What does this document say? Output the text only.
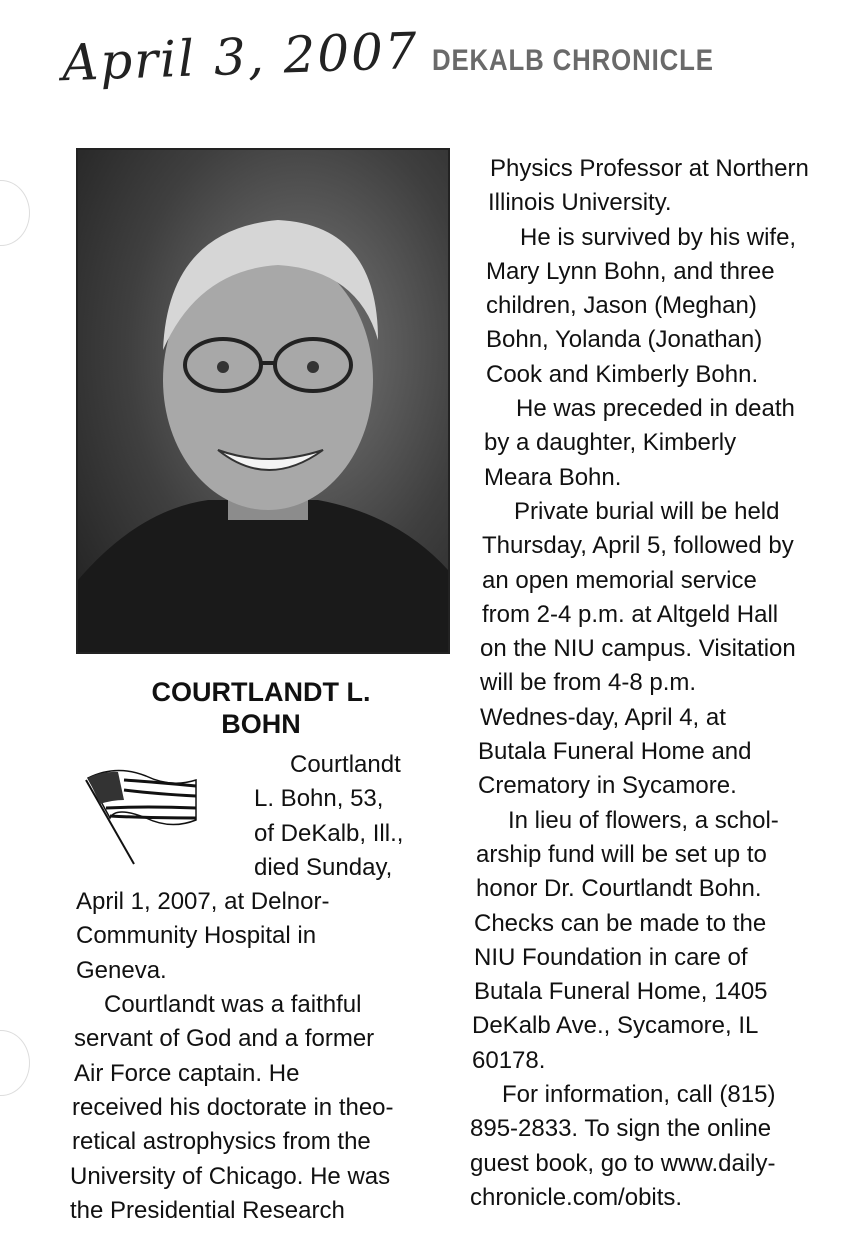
April 3, 2007 DEKALB CHRONICLE
COURTLANDT L.
BOHN
Courtlandt
L. Bohn, 53,
of DeKalb, Ill.,
died Sunday,
April 1, 2007, at Delnor-
Community Hospital in
Geneva.
Courtlandt was a faithful
servant of God and a former
Air Force captain. He
received his doctorate in theo-
retical astrophysics from the
University of Chicago. He was
the Presidential Research
Physics Professor at Northern
Illinois University.
He is survived by his wife,
Mary Lynn Bohn, and three
children, Jason (Meghan)
Bohn, Yolanda (Jonathan)
Cook and Kimberly Bohn.
He was preceded in death
by a daughter, Kimberly
Meara Bohn.
Private burial will be held
Thursday, April 5, followed by
an open memorial service
from 2-4 p.m. at Altgeld Hall
on the NIU campus. Visitation
will be from 4-8 p.m.
Wednes-day, April 4, at
Butala Funeral Home and
Crematory in Sycamore.
In lieu of flowers, a schol-
arship fund will be set up to
honor Dr. Courtlandt Bohn.
Checks can be made to the
NIU Foundation in care of
Butala Funeral Home, 1405
DeKalb Ave., Sycamore, IL
60178.
For information, call (815)
895-2833. To sign the online
guest book, go to www.daily-
chronicle.com/obits.
